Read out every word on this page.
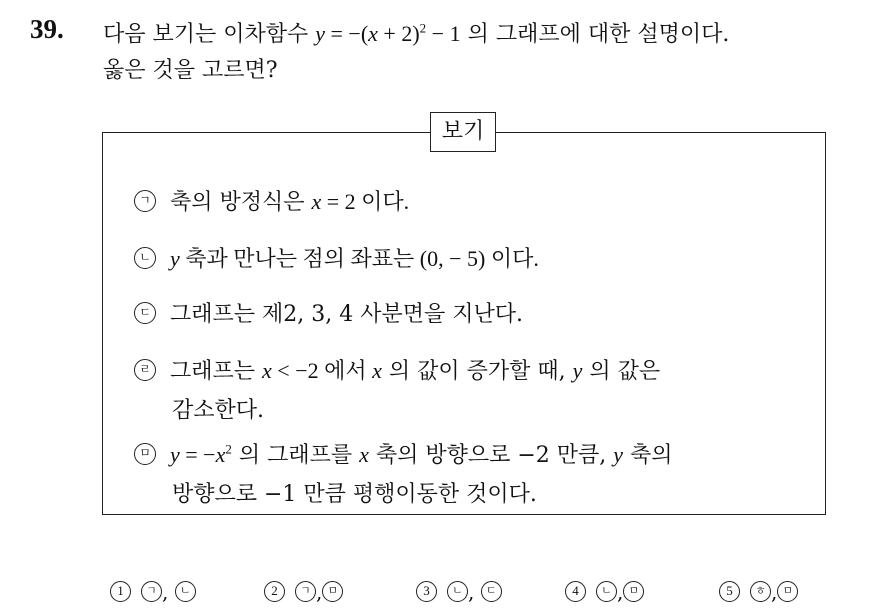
39. 다음 보기는 이차함수 $y = -(x + 2)^2 - 1$ 의 그래프에 대한 설명이다.
옳은 것을 고르면?
보기
ㄱ 축의 방정식은 x = 2 이다.
ㄴ y 축과 만나는 점의 좌표는 (0, − 5) 이다.
ㄷ 그래프는 제2, 3, 4 사분면을 지난다.
ㄹ 그래프는 x < −2 에서 x 의 값이 증가할 때, y 의 값은
감소한다.
ㅁ $y = -x^2$ 의 그래프를 x 축의 방향으로 −2 만큼, y 축의
방향으로 −1 만큼 평행이동한 것이다.
1 ㄱ , ㄴ	2 ㄱ , ㅁ	3 ㄴ , ㄷ	4 ㄴ , ㅁ	5 ㅎ , ㅁ
